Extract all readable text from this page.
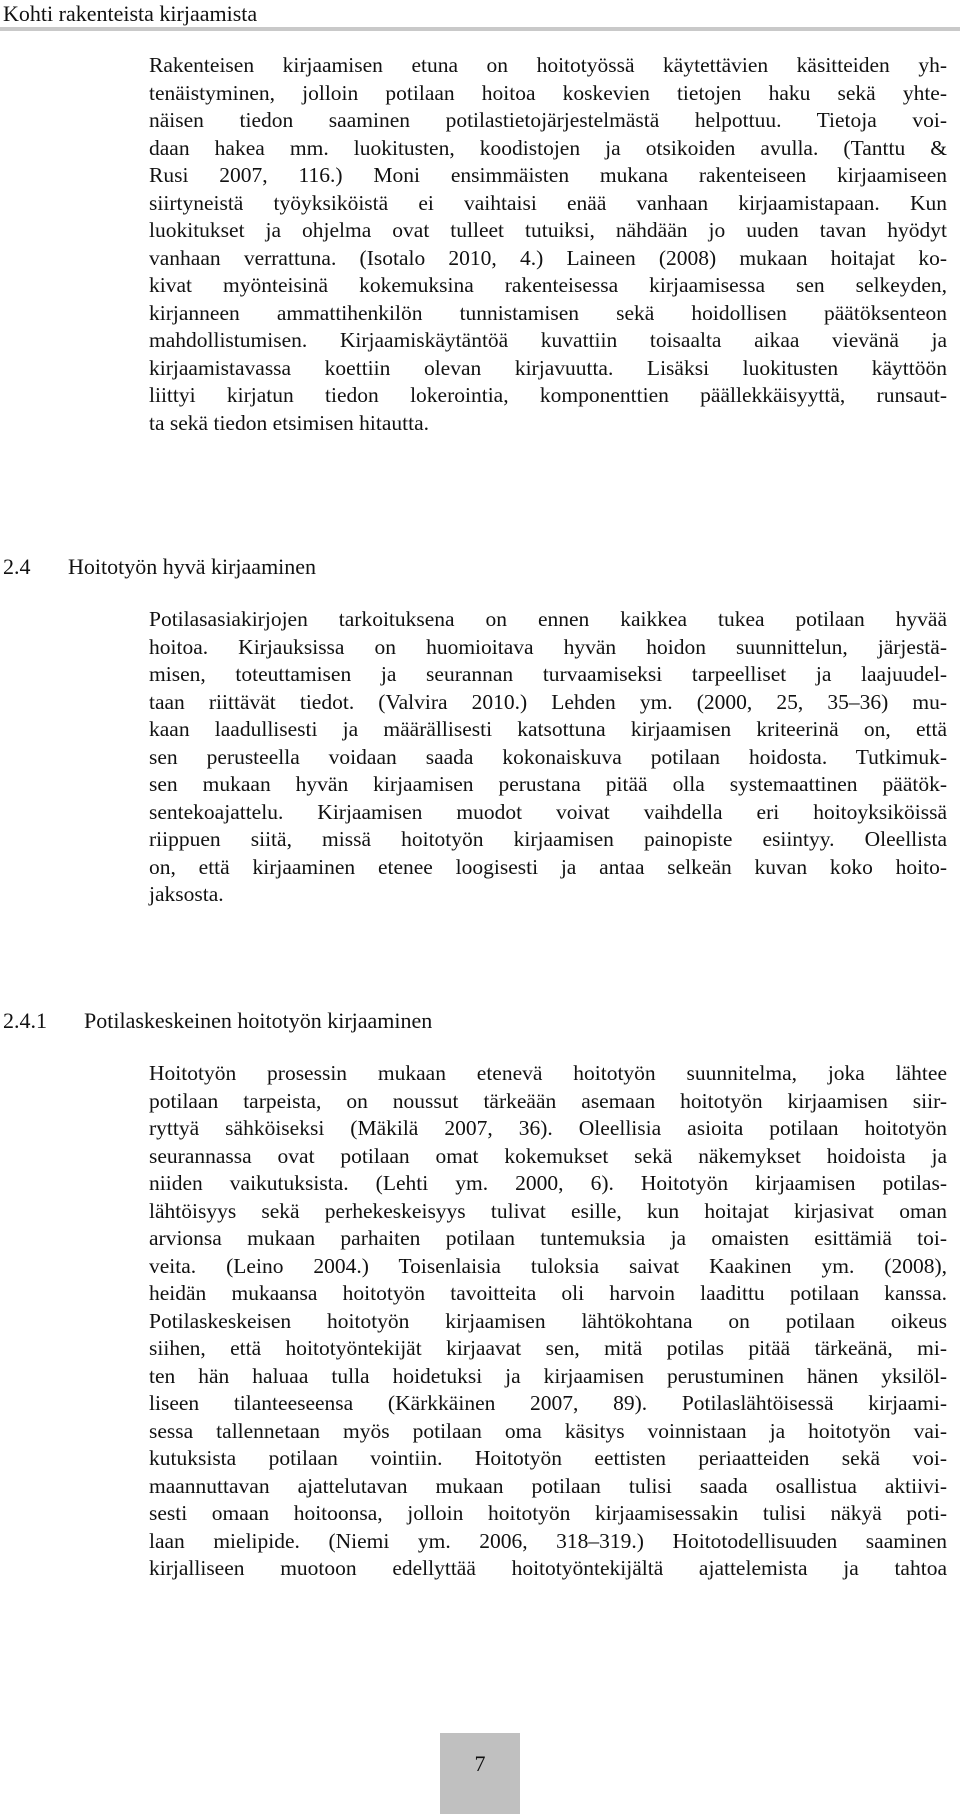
Kohti rakenteista kirjaamista
Rakenteisen kirjaamisen etuna on hoitotyössä käytettävien käsitteiden yh-
tenäistyminen, jolloin potilaan hoitoa koskevien tietojen haku sekä yhte-
näisen tiedon saaminen potilastietojärjestelmästä helpottuu. Tietoja voi-
daan hakea mm. luokitusten, koodistojen ja otsikoiden avulla. (Tanttu &
Rusi 2007, 116.) Moni ensimmäisten mukana rakenteiseen kirjaamiseen
siirtyneistä työyksiköistä ei vaihtaisi enää vanhaan kirjaamistapaan. Kun
luokitukset ja ohjelma ovat tulleet tutuiksi, nähdään jo uuden tavan hyödyt
vanhaan verrattuna. (Isotalo 2010, 4.) Laineen (2008) mukaan hoitajat ko-
kivat myönteisinä kokemuksina rakenteisessa kirjaamisessa sen selkeyden,
kirjanneen ammattihenkilön tunnistamisen sekä hoidollisen päätöksenteon
mahdollistumisen. Kirjaamiskäytäntöä kuvattiin toisaalta aikaa vievänä ja
kirjaamistavassa koettiin olevan kirjavuutta. Lisäksi luokitusten käyttöön
liittyi kirjatun tiedon lokerointia, komponenttien päällekkäisyyttä, runsaut-
ta sekä tiedon etsimisen hitautta.
2.4 Hoitotyön hyvä kirjaaminen
Potilasasiakirjojen tarkoituksena on ennen kaikkea tukea potilaan hyvää
hoitoa. Kirjauksissa on huomioitava hyvän hoidon suunnittelun, järjestä-
misen, toteuttamisen ja seurannan turvaamiseksi tarpeelliset ja laajuudel-
taan riittävät tiedot. (Valvira 2010.) Lehden ym. (2000, 25, 35–36) mu-
kaan laadullisesti ja määrällisesti katsottuna kirjaamisen kriteerinä on, että
sen perusteella voidaan saada kokonaiskuva potilaan hoidosta. Tutkimuk-
sen mukaan hyvän kirjaamisen perustana pitää olla systemaattinen päätök-
sentekoajattelu. Kirjaamisen muodot voivat vaihdella eri hoitoyksiköissä
riippuen siitä, missä hoitotyön kirjaamisen painopiste esiintyy. Oleellista
on, että kirjaaminen etenee loogisesti ja antaa selkeän kuvan koko hoito-
jaksosta.
2.4.1 Potilaskeskeinen hoitotyön kirjaaminen
Hoitotyön prosessin mukaan etenevä hoitotyön suunnitelma, joka lähtee
potilaan tarpeista, on noussut tärkeään asemaan hoitotyön kirjaamisen siir-
ryttyä sähköiseksi (Mäkilä 2007, 36). Oleellisia asioita potilaan hoitotyön
seurannassa ovat potilaan omat kokemukset sekä näkemykset hoidoista ja
niiden vaikutuksista. (Lehti ym. 2000, 6). Hoitotyön kirjaamisen potilas-
lähtöisyys sekä perhekeskeisyys tulivat esille, kun hoitajat kirjasivat oman
arvionsa mukaan parhaiten potilaan tuntemuksia ja omaisten esittämiä toi-
veita. (Leino 2004.) Toisenlaisia tuloksia saivat Kaakinen ym. (2008),
heidän mukaansa hoitotyön tavoitteita oli harvoin laadittu potilaan kanssa.
Potilaskeskeisen hoitotyön kirjaamisen lähtökohtana on potilaan oikeus
siihen, että hoitotyöntekijät kirjaavat sen, mitä potilas pitää tärkeänä, mi-
ten hän haluaa tulla hoidetuksi ja kirjaamisen perustuminen hänen yksilöl-
liseen tilanteeseensa (Kärkkäinen 2007, 89). Potilaslähtöisessä kirjaami-
sessa tallennetaan myös potilaan oma käsitys voinnistaan ja hoitotyön vai-
kutuksista potilaan vointiin. Hoitotyön eettisten periaatteiden sekä voi-
maannuttavan ajattelutavan mukaan potilaan tulisi saada osallistua aktiivi-
sesti omaan hoitoonsa, jolloin hoitotyön kirjaamisessakin tulisi näkyä poti-
laan mielipide. (Niemi ym. 2006, 318–319.) Hoitotodellisuuden saaminen
kirjalliseen muotoon edellyttää hoitotyöntekijältä ajattelemista ja tahtoa
7
